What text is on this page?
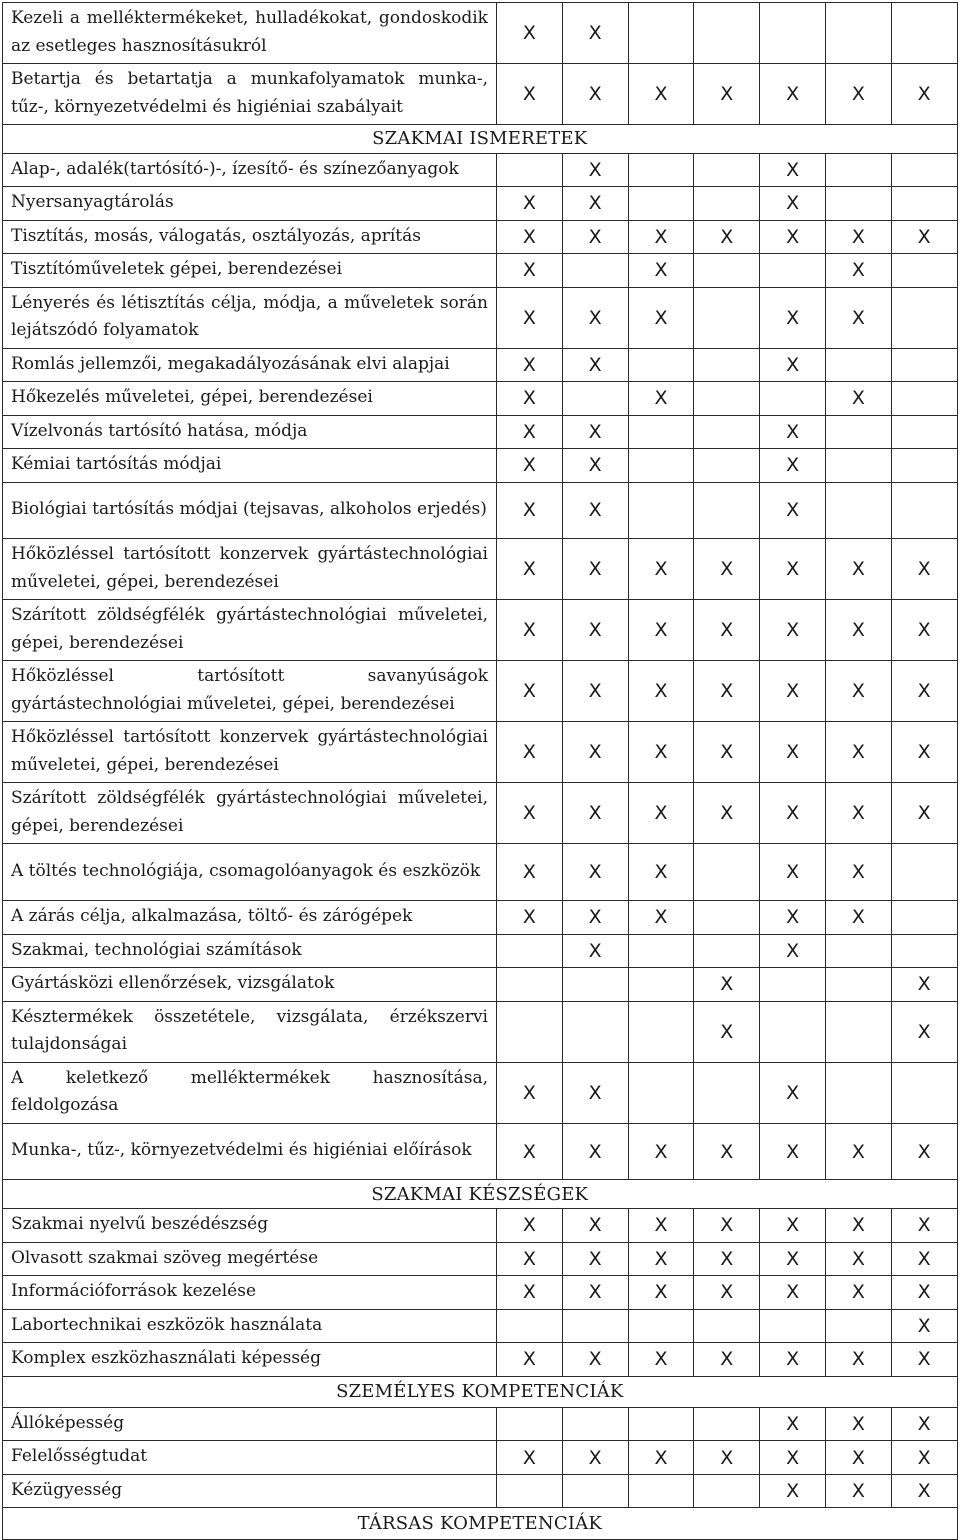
Kezeli a melléktermékeket, hulladékokat, gondoskodik az esetleges hasznosításukról	X	X					
Betartja és betartatja a munkafolyamatok munka-, tűz-, környezetvédelmi és higiéniai szabályait	X	X	X	X	X	X	X
SZAKMAI ISMERETEK							
Alap-, adalék(tartósító-)-, ízesítő- és színezőanyagok		X			X		
Nyersanyagtárolás	X	X			X		
Tisztítás, mosás, válogatás, osztályozás, aprítás	X	X	X	X	X	X	X
Tisztítóműveletek gépei, berendezései	X		X			X	
Lényerés és létisztítás célja, módja, a műveletek során lejátszódó folyamatok	X	X	X		X	X	
Romlás jellemzői, megakadályozásának elvi alapjai	X	X			X		
Hőkezelés műveletei, gépei, berendezései	X		X			X	
Vízelvonás tartósító hatása, módja	X	X			X		
Kémiai tartósítás módjai	X	X			X		
Biológiai tartósítás módjai (tejsavas, alkoholos erjedés)	X	X			X		
Hőközléssel tartósított konzervek gyártástechnológiai műveletei, gépei, berendezései	X	X	X	X	X	X	X
Szárított zöldségfélék gyártástechnológiai műveletei, gépei, berendezései	X	X	X	X	X	X	X
Hőközléssel tartósított savanyúságok gyártástechnológiai műveletei, gépei, berendezései	X	X	X	X	X	X	X
Hőközléssel tartósított konzervek gyártástechnológiai műveletei, gépei, berendezései	X	X	X	X	X	X	X
Szárított zöldségfélék gyártástechnológiai műveletei, gépei, berendezései	X	X	X	X	X	X	X
A töltés technológiája, csomagolóanyagok és eszközök	X	X	X		X	X	
A zárás célja, alkalmazása, töltő- és zárógépek	X	X	X		X	X	
Szakmai, technológiai számítások		X			X		
Gyártásközi ellenőrzések, vizsgálatok				X			X
Késztermékek összetétele, vizsgálata, érzékszervi tulajdonságai				X			X
A keletkező melléktermékek hasznosítása, feldolgozása	X	X			X		
Munka-, tűz-, környezetvédelmi és higiéniai előírások	X	X	X	X	X	X	X
SZAKMAI KÉSZSÉGEK							
Szakmai nyelvű beszédészség	X	X	X	X	X	X	X
Olvasott szakmai szöveg megértése	X	X	X	X	X	X	X
Információforrások kezelése	X	X	X	X	X	X	X
Labortechnikai eszközök használata							X
Komplex eszközhasználati képesség	X	X	X	X	X	X	X
SZEMÉLYES KOMPETENCIÁK							
Állóképesség					X	X	X
Felelősségtudat	X	X	X	X	X	X	X
Kézügyesség					X	X	X
TÁRSAS KOMPETENCIÁK							
